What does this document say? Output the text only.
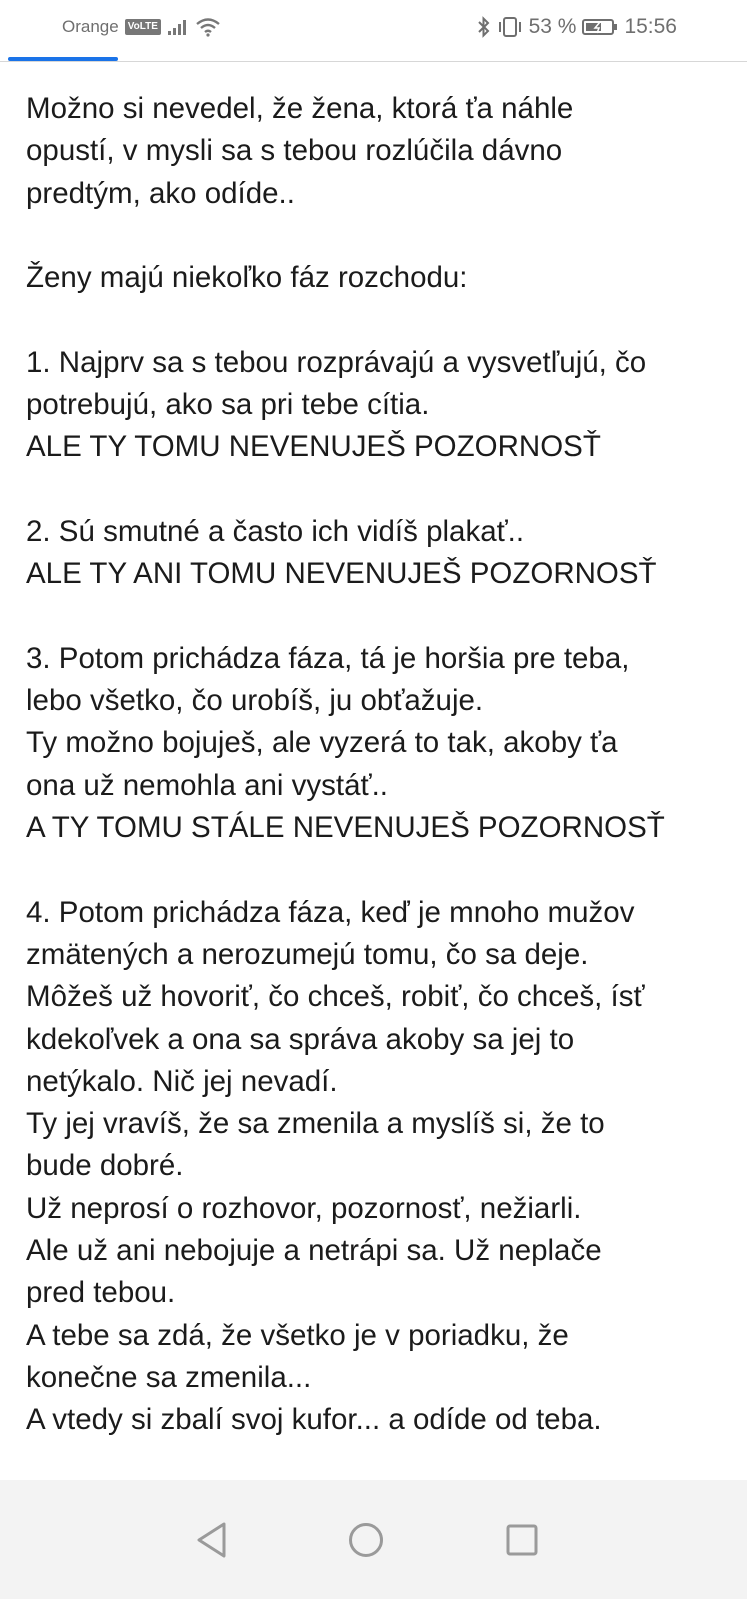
Orange VoLTE	53 % 15:56
Možno si nevedel, že žena, ktorá ťa náhle
opustí, v mysli sa s tebou rozlúčila dávno
predtým, ako odíde..
Ženy majú niekoľko fáz rozchodu:
1. Najprv sa s tebou rozprávajú a vysvetľujú, čo
potrebujú, ako sa pri tebe cítia.
ALE TY TOMU NEVENUJEŠ POZORNOSŤ
2. Sú smutné a často ich vidíš plakať..
ALE TY ANI TOMU NEVENUJEŠ POZORNOSŤ
3. Potom prichádza fáza, tá je horšia pre teba,
lebo všetko, čo urobíš, ju obťažuje.
Ty možno bojuješ, ale vyzerá to tak, akoby ťa
ona už nemohla ani vystáť..
A TY TOMU STÁLE NEVENUJEŠ POZORNOSŤ
4. Potom prichádza fáza, keď je mnoho mužov
zmätených a nerozumejú tomu, čo sa deje.
Môžeš už hovoriť, čo chceš, robiť, čo chceš, ísť
kdekoľvek a ona sa správa akoby sa jej to
netýkalo. Nič jej nevadí.
Ty jej vravíš, že sa zmenila a myslíš si, že to
bude dobré.
Už neprosí o rozhovor, pozornosť, nežiarli.
Ale už ani nebojuje a netrápi sa. Už neplače
pred tebou.
A tebe sa zdá, že všetko je v poriadku, že
konečne sa zmenila...
A vtedy si zbalí svoj kufor... a odíde od teba.
